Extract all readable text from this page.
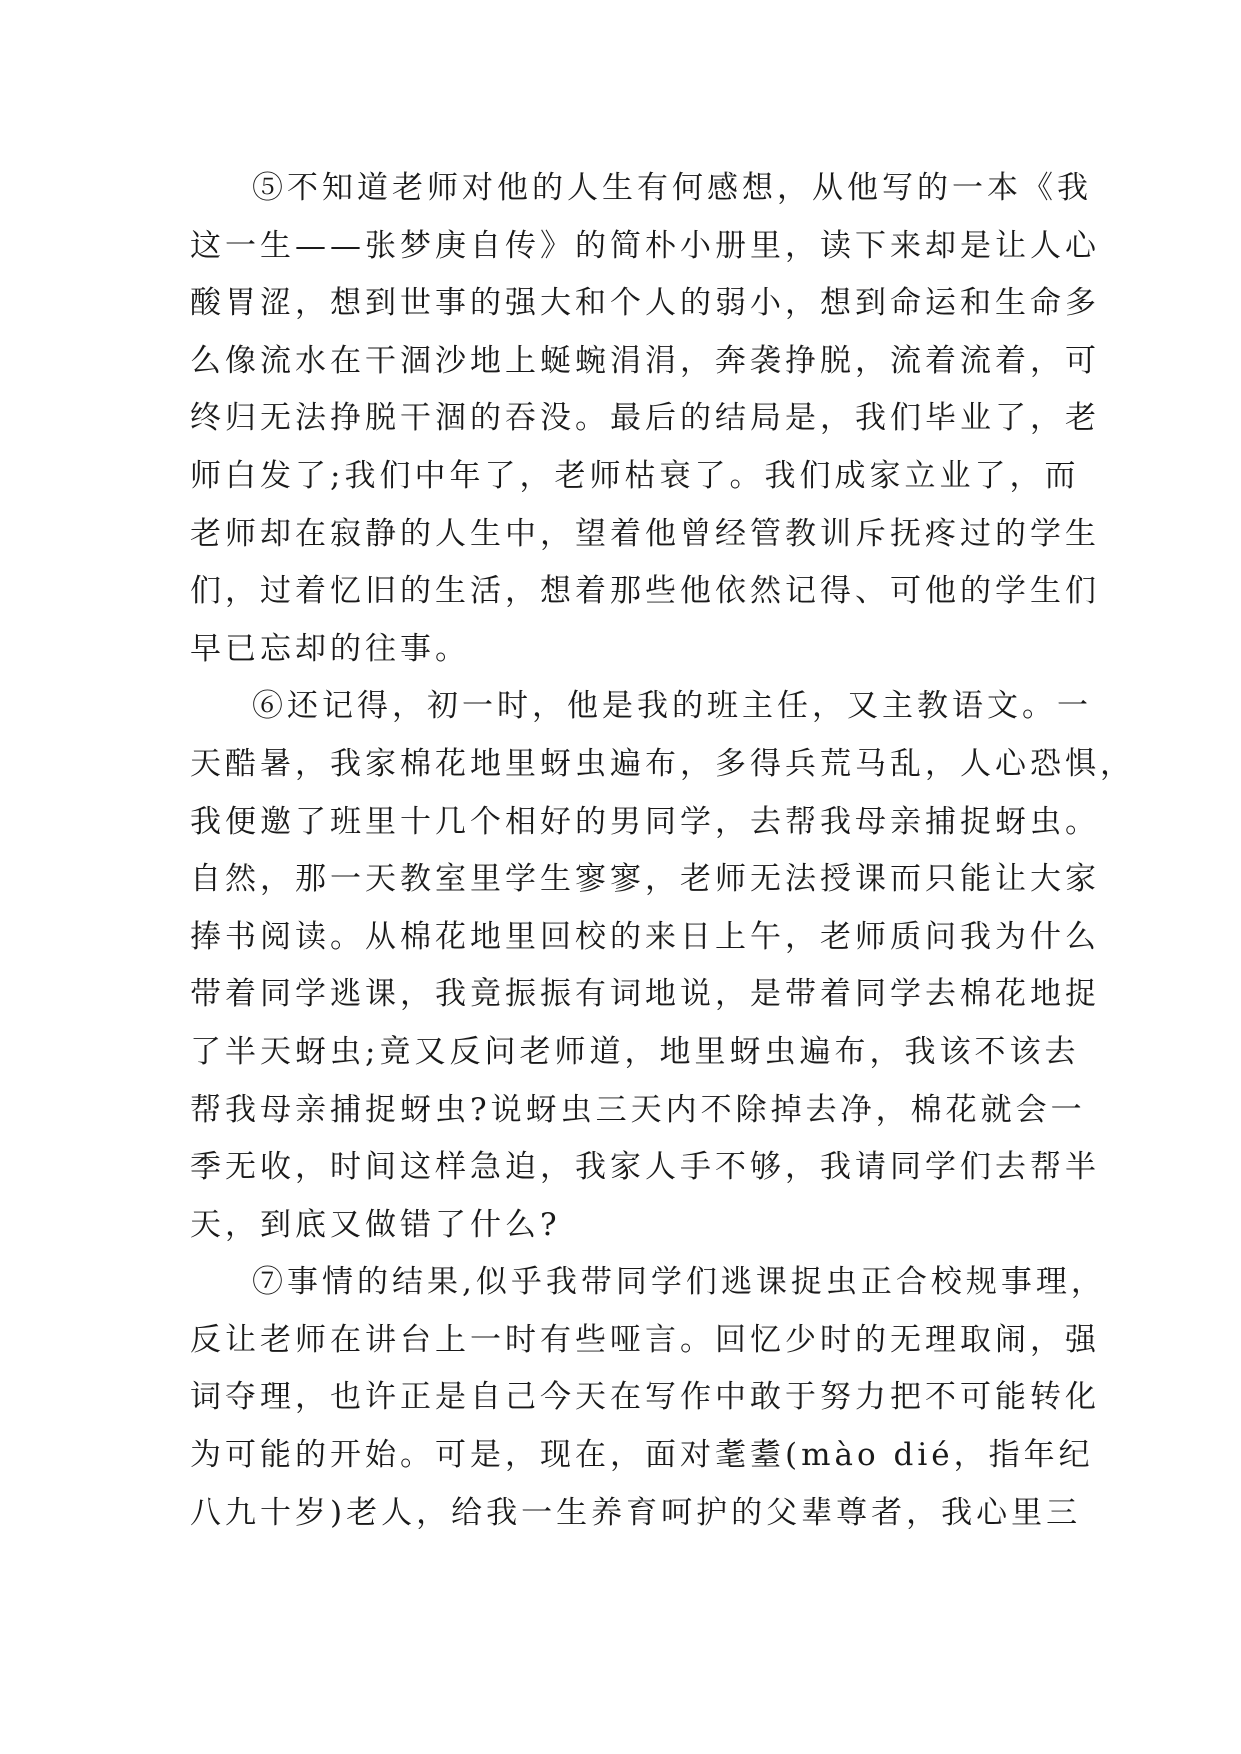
⑤不知道老师对他的人生有何感想，从他写的一本《我
这一生——张梦庚自传》的简朴小册里，读下来却是让人心
酸胃涩，想到世事的强大和个人的弱小，想到命运和生命多
么像流水在干涸沙地上蜒蜿涓涓，奔袭挣脱，流着流着，可
终归无法挣脱干涸的吞没。最后的结局是，我们毕业了，老
师白发了;我们中年了，老师枯衰了。我们成家立业了，而
老师却在寂静的人生中，望着他曾经管教训斥抚疼过的学生
们，过着忆旧的生活，想着那些他依然记得、可他的学生们
早已忘却的往事。
⑥还记得，初一时，他是我的班主任，又主教语文。一
天酷暑，我家棉花地里蚜虫遍布，多得兵荒马乱，人心恐惧，
我便邀了班里十几个相好的男同学，去帮我母亲捕捉蚜虫。
自然，那一天教室里学生寥寥，老师无法授课而只能让大家
捧书阅读。从棉花地里回校的来日上午，老师质问我为什么
带着同学逃课，我竟振振有词地说，是带着同学去棉花地捉
了半天蚜虫;竟又反问老师道，地里蚜虫遍布，我该不该去
帮我母亲捕捉蚜虫?说蚜虫三天内不除掉去净，棉花就会一
季无收，时间这样急迫，我家人手不够，我请同学们去帮半
天，到底又做错了什么?
⑦事情的结果,似乎我带同学们逃课捉虫正合校规事理，
反让老师在讲台上一时有些哑言。回忆少时的无理取闹，强
词夺理，也许正是自己今天在写作中敢于努力把不可能转化
为可能的开始。可是，现在，面对耄耋(mào dié，指年纪
八九十岁)老人，给我一生养育呵护的父辈尊者，我心里三
